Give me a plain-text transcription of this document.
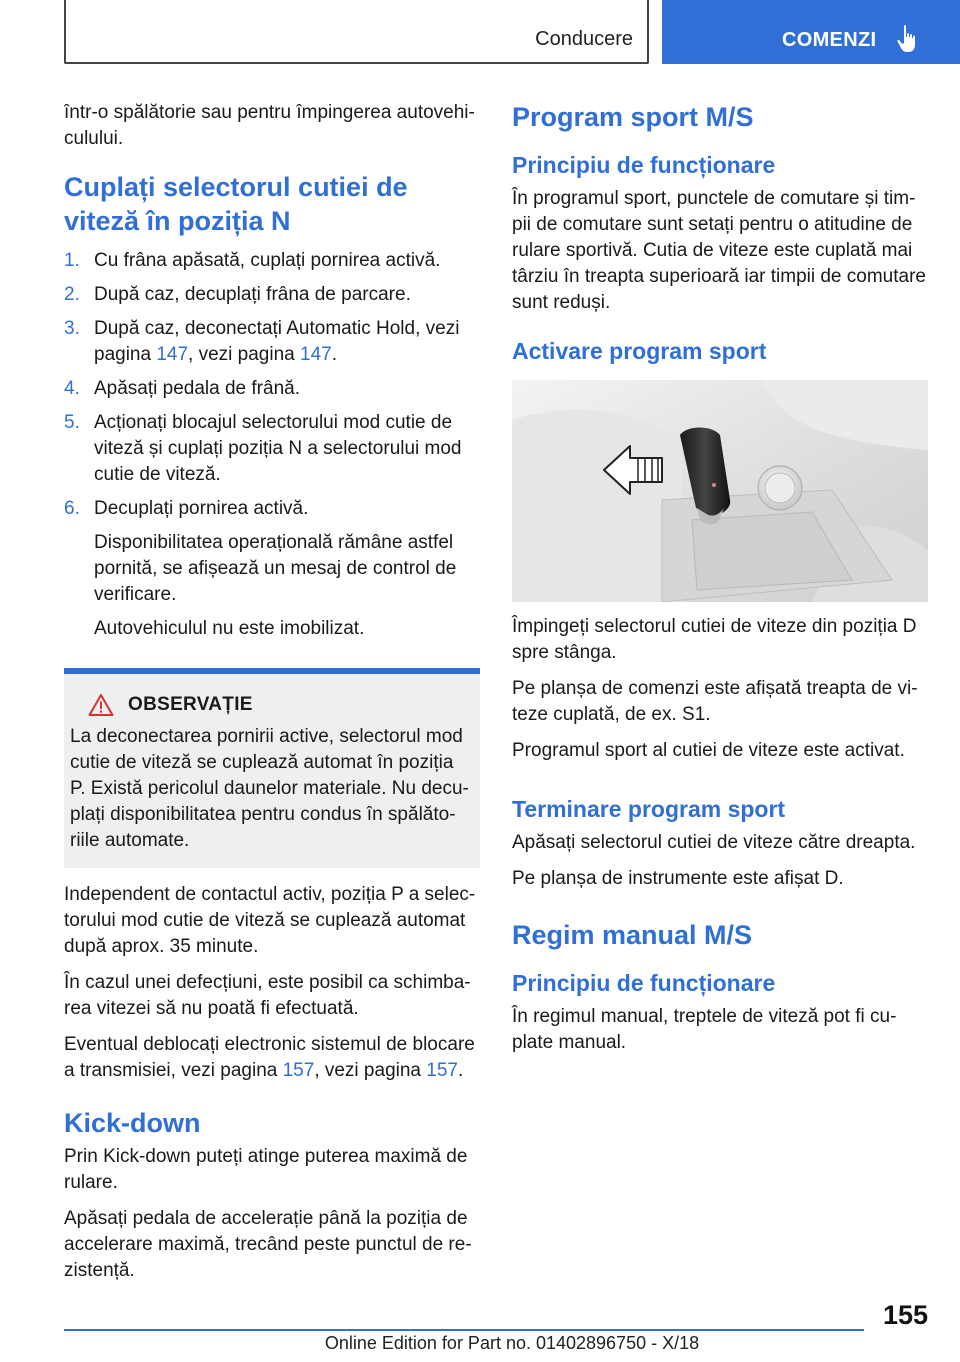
Conducere	COMENZI

într-o spălătorie sau pentru împingerea autovehiculului.

Cuplați selectorul cutiei de viteză în poziția N
1. Cu frâna apăsată, cuplați pornirea activă.
2. După caz, decuplați frâna de parcare.
3. După caz, deconectați Automatic Hold, vezi pagina 147, vezi pagina 147.
4. Apăsați pedala de frână.
5. Acționați blocajul selectorului mod cutie de viteză și cuplați poziția N a selectorului mod cutie de viteză.
6. Decuplați pornirea activă.

Disponibilitatea operațională rămâne astfel pornită, se afișează un mesaj de control de verificare.

Autovehiculul nu este imobilizat.

OBSERVAȚIE

La deconectarea pornirii active, selectorul mod cutie de viteză se cuplează automat în poziția P. Există pericolul daunelor materiale. Nu decuplați disponibilitatea pentru condus în spălătoriile automate.

Independent de contactul activ, poziția P a selectorului mod cutie de viteză se cuplează automat după aprox. 35 minute.

În cazul unei defecțiuni, este posibil ca schimbarea vitezei să nu poată fi efectuată.

Eventual deblocați electronic sistemul de blocare a transmisiei, vezi pagina 157, vezi pagina 157.

Kick-down

Prin Kick-down puteți atinge puterea maximă de rulare.

Apăsați pedala de accelerație până la poziția de accelerare maximă, trecând peste punctul de rezistență.

Program sport M/S
Principiu de funcționare

În programul sport, punctele de comutare și timpii de comutare sunt setați pentru o atitudine de rulare sportivă. Cutia de viteze este cuplată mai târziu în treapta superioară iar timpii de comutare sunt reduși.

Activare program sport

Împingeți selectorul cutiei de viteze din poziția D spre stânga.

Pe planșa de comenzi este afișată treapta de viteze cuplată, de ex. S1.

Programul sport al cutiei de viteze este activat.

Terminare program sport

Apăsați selectorul cutiei de viteze către dreapta.

Pe planșa de instrumente este afișat D.

Regim manual M/S
Principiu de funcționare

În regimul manual, treptele de viteză pot fi cuplate manual.

155
Online Edition for Part no. 01402896750 - X/18
